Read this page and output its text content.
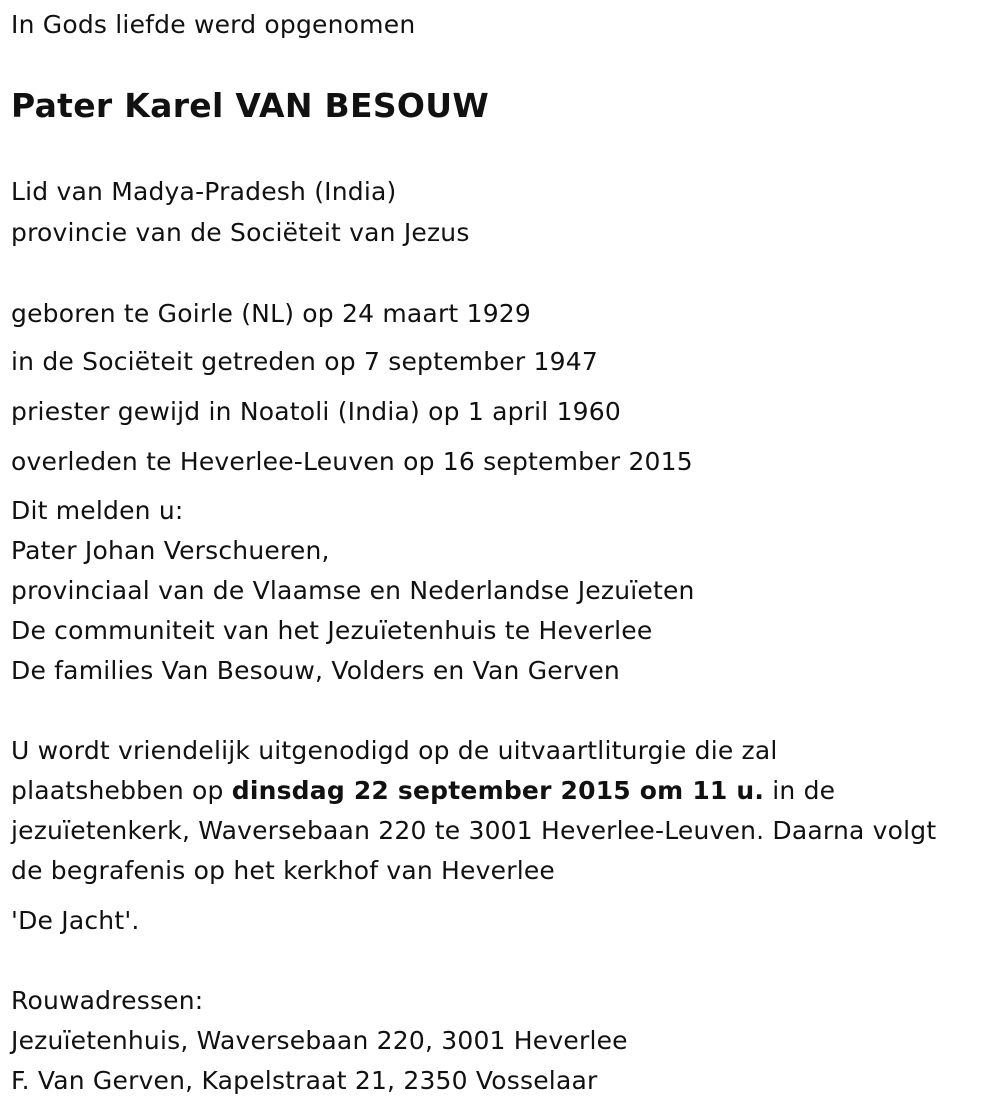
In Gods liefde werd opgenomen
Pater Karel VAN BESOUW
Lid van Madya-Pradesh (India)
provincie van de Sociëteit van Jezus
geboren te Goirle (NL) op 24 maart 1929
in de Sociëteit getreden op 7 september 1947
priester gewijd in Noatoli (India) op 1 april 1960
overleden te Heverlee-Leuven op 16 september 2015
Dit melden u:
Pater Johan Verschueren,
provinciaal van de Vlaamse en Nederlandse Jezuïeten
De communiteit van het Jezuïetenhuis te Heverlee
De families Van Besouw, Volders en Van Gerven
U wordt vriendelijk uitgenodigd op de uitvaartliturgie die zal
plaatshebben op dinsdag 22 september 2015 om 11 u. in de
jezuïetenkerk, Waversebaan 220 te 3001 Heverlee-Leuven. Daarna volgt
de begrafenis op het kerkhof van Heverlee
'De Jacht'.
Rouwadressen:
Jezuïetenhuis, Waversebaan 220, 3001 Heverlee
F. Van Gerven, Kapelstraat 21, 2350 Vosselaar
